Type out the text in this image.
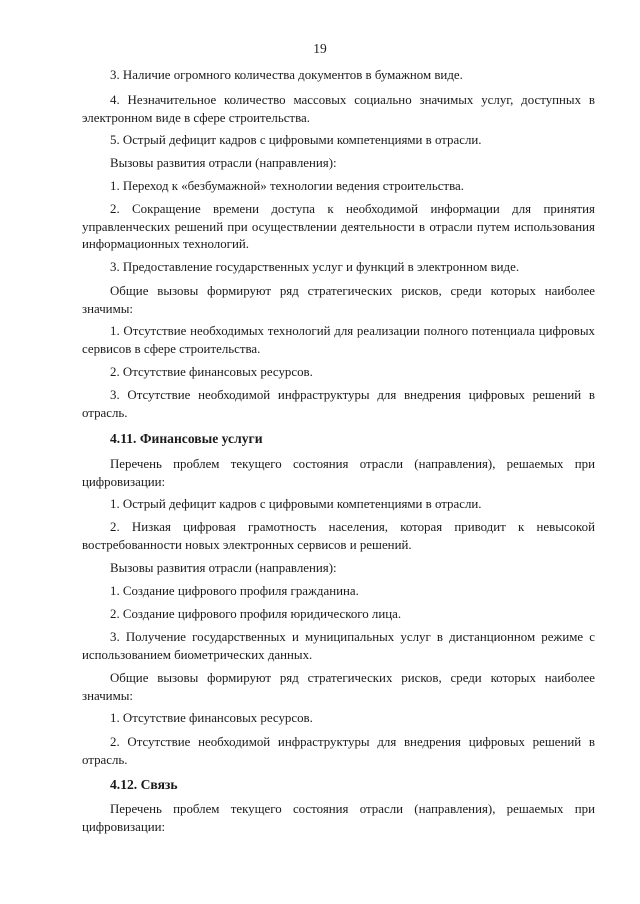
19

3. Наличие огромного количества документов в бумажном виде.

4. Незначительное количество массовых социально значимых услуг, доступных в электронном виде в сфере строительства.

5. Острый дефицит кадров с цифровыми компетенциями в отрасли.

Вызовы развития отрасли (направления):

1. Переход к «безбумажной» технологии ведения строительства.

2. Сокращение времени доступа к необходимой информации для принятия управленческих решений при осуществлении деятельности в отрасли путем использования информационных технологий.

3. Предоставление государственных услуг и функций в электронном виде.

Общие вызовы формируют ряд стратегических рисков, среди которых наиболее значимы:

1. Отсутствие необходимых технологий для реализации полного потенциала цифровых сервисов в сфере строительства.

2. Отсутствие финансовых ресурсов.

3. Отсутствие необходимой инфраструктуры для внедрения цифровых решений в отрасль.

4.11. Финансовые услуги

Перечень проблем текущего состояния отрасли (направления), решаемых при цифровизации:

1. Острый дефицит кадров с цифровыми компетенциями в отрасли.

2. Низкая цифровая грамотность населения, которая приводит к невысокой востребованности новых электронных сервисов и решений.

Вызовы развития отрасли (направления):

1. Создание цифрового профиля гражданина.

2. Создание цифрового профиля юридического лица.

3. Получение государственных и муниципальных услуг в дистанционном режиме с использованием биометрических данных.

Общие вызовы формируют ряд стратегических рисков, среди которых наиболее значимы:

1. Отсутствие финансовых ресурсов.

2. Отсутствие необходимой инфраструктуры для внедрения цифровых решений в отрасль.

4.12. Связь

Перечень проблем текущего состояния отрасли (направления), решаемых при цифровизации:
